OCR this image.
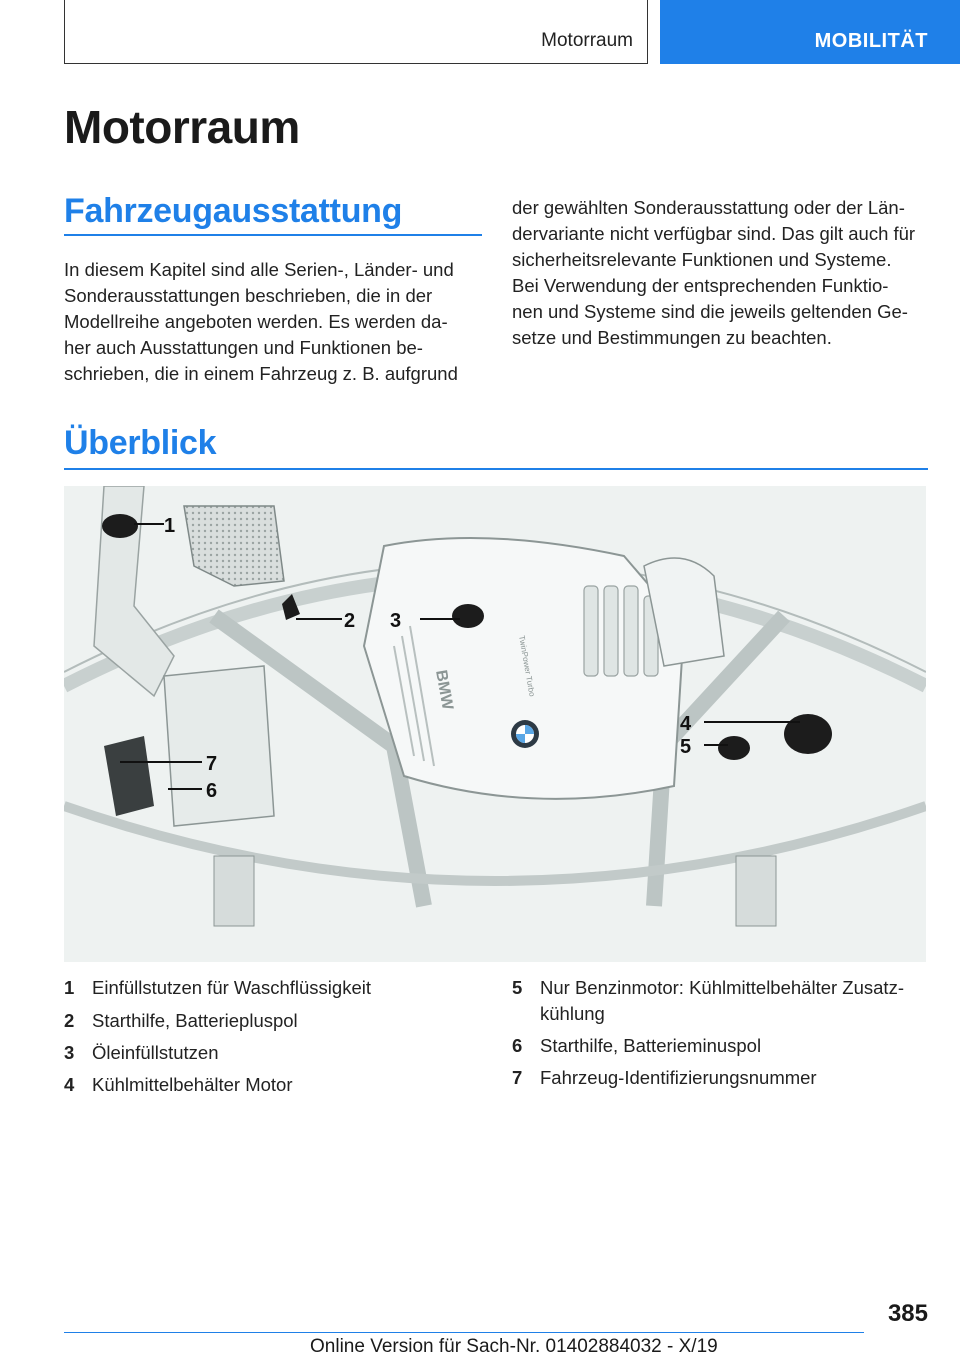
Motorraum	MOBILITÄT
Motorraum
Fahrzeugausstattung

In diesem Kapitel sind alle Serien-, Länder- und
Sonderausstattungen beschrieben, die in der
Modellreihe angeboten werden. Es werden da-
her auch Ausstattungen und Funktionen be-
schrieben, die in einem Fahrzeug z. B. aufgrund

der gewählten Sonderausstattung oder der Län-
dervariante nicht verfügbar sind. Das gilt auch für
sicherheitsrelevante Funktionen und Systeme.
Bei Verwendung der entsprechenden Funktio-
nen und Systeme sind die jeweils geltenden Ge-
setze und Bestimmungen zu beachten.

Überblick
BMW	TwinPower Turbo
1
2 3
4
5
6
7
1 Einfüllstutzen für Waschflüssigkeit
2 Starthilfe, Batteriepluspol
3 Öleinfüllstutzen
4 Kühlmittelbehälter Motor
5 Nur Benzinmotor: Kühlmittelbehälter Zusatz-
kühlung
6 Starthilfe, Batterieminuspol
7 Fahrzeug-Identifizierungsnummer
385
Online Version für Sach-Nr. 01402884032 - X/19
